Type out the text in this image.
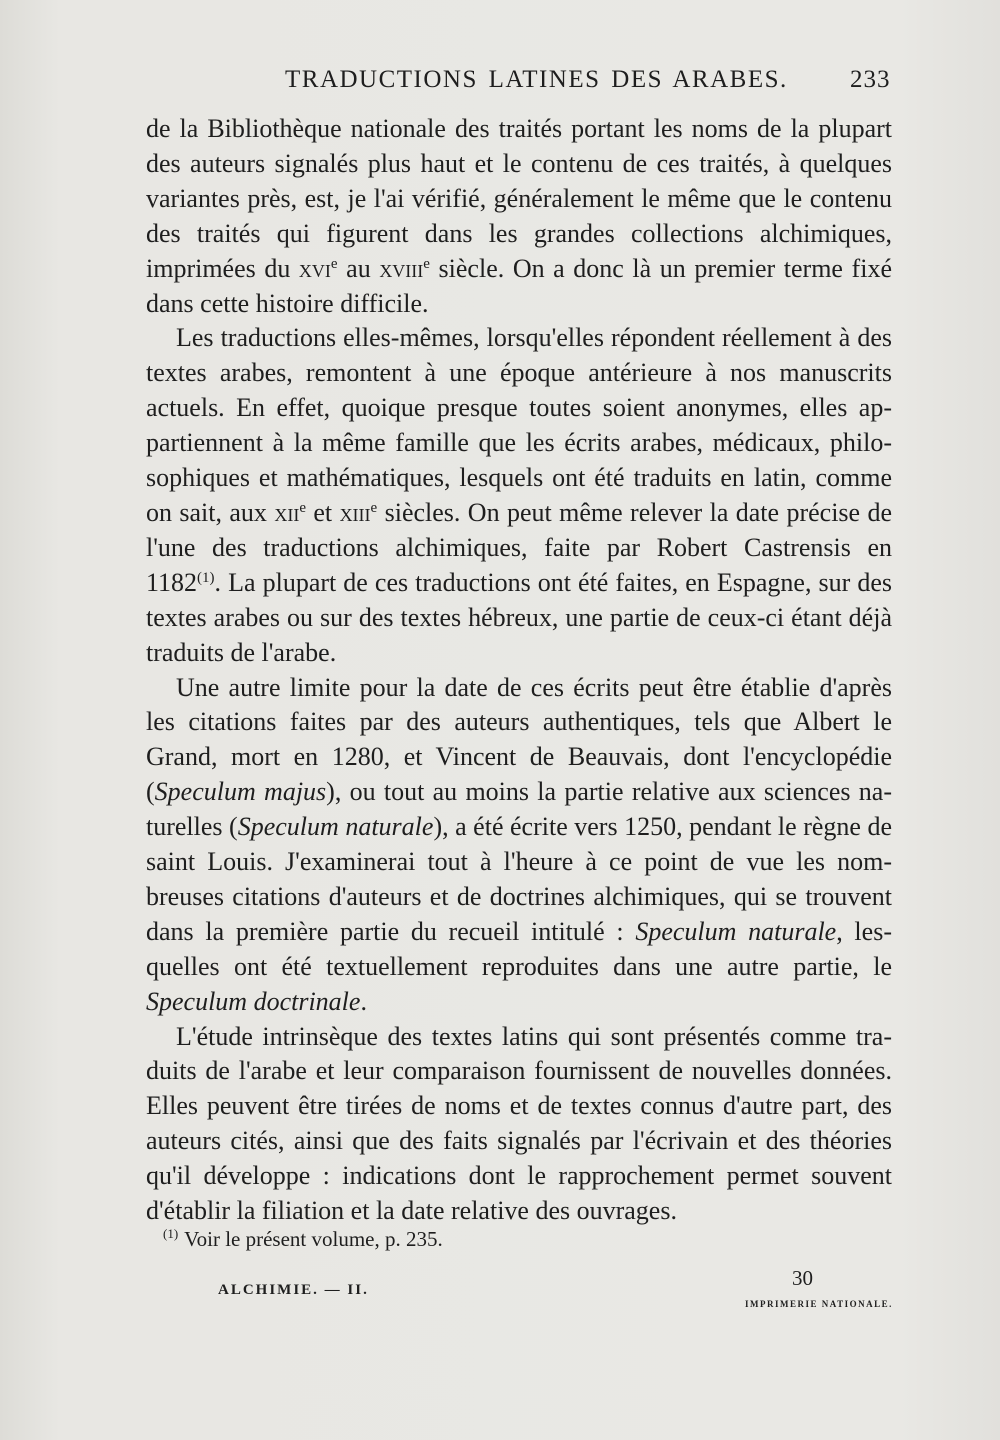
TRADUCTIONS LATINES DES ARABES. 233

de la Bibliothèque nationale des traités portant les noms de la plupart des auteurs signalés plus haut et le contenu de ces traités, à quelques variantes près, est, je l'ai vérifié, généralement le même que le contenu des traités qui figurent dans les grandes collections alchimiques, imprimées du xvi$^e$ au xviii$^e$ siècle. On a donc là un premier terme fixé dans cette histoire difficile.

Les traductions elles-mêmes, lorsqu'elles répondent réellement à des textes arabes, remontent à une époque antérieure à nos manuscrits actuels. En effet, quoique presque toutes soient anonymes, elles appartiennent à la même famille que les écrits arabes, médicaux, philosophiques et mathématiques, lesquels ont été traduits en latin, comme on sait, aux xii$^e$ et xiii$^e$ siècles. On peut même relever la date précise de l'une des traductions alchimiques, faite par Robert Castrensis en 1182$^{(1)}$. La plupart de ces traductions ont été faites, en Espagne, sur des textes arabes ou sur des textes hébreux, une partie de ceux-ci étant déjà traduits de l'arabe.

Une autre limite pour la date de ces écrits peut être établie d'après les citations faites par des auteurs authentiques, tels que Albert le Grand, mort en 1280, et Vincent de Beauvais, dont l'encyclopédie (Speculum majus), ou tout au moins la partie relative aux sciences naturelles (Speculum naturale), a été écrite vers 1250, pendant le règne de saint Louis. J'examinerai tout à l'heure à ce point de vue les nombreuses citations d'auteurs et de doctrines alchimiques, qui se trouvent dans la première partie du recueil intitulé : Speculum naturale, lesquelles ont été textuellement reproduites dans une autre partie, le Speculum doctrinale.

L'étude intrinsèque des textes latins qui sont présentés comme traduits de l'arabe et leur comparaison fournissent de nouvelles données. Elles peuvent être tirées de noms et de textes connus d'autre part, des auteurs cités, ainsi que des faits signalés par l'écrivain et des théories qu'il développe : indications dont le rapprochement permet souvent d'établir la filiation et la date relative des ouvrages.

$^{(1)}$ Voir le présent volume, p. 235.
ALCHIMIE. — II.	30
IMPRIMERIE NATIONALE.
